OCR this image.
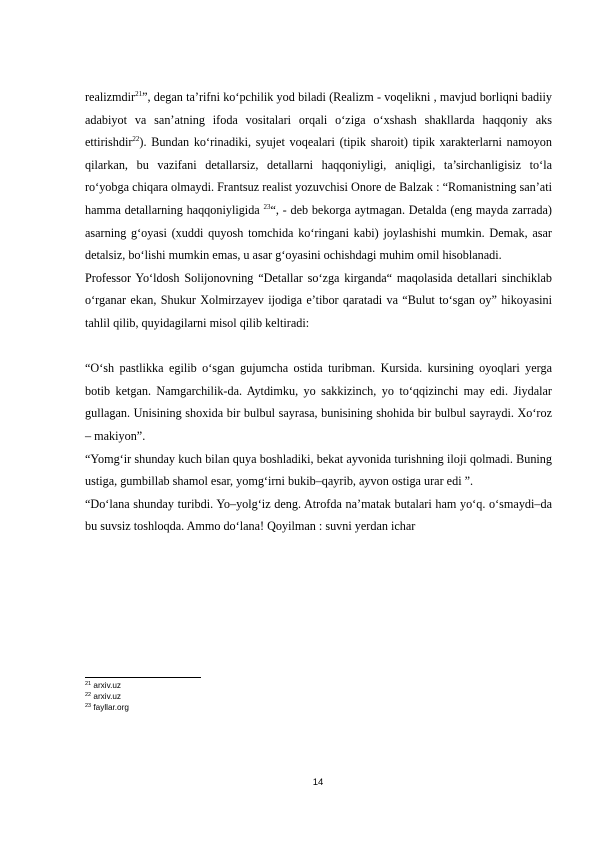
realizmdir$^{21}$”, degan ta’rifni ko‘pchilik yod biladi (Realizm - voqelikni , mavjud borliqni badiiy adabiyot va san’atning ifoda vositalari orqali o‘ziga o‘xshash shakllarda haqqoniy aks ettirishdir$^{22}$). Bundan ko‘rinadiki, syujet voqealari (tipik sharoit) tipik xarakterlarni namoyon qilarkan, bu vazifani detallarsiz, detallarni haqqoniyligi, aniqligi, ta’sirchanligisiz to‘la ro‘yobga chiqara olmaydi. Frantsuz realist yozuvchisi Onore de Balzak : “Romanistning san’ati hamma detallarning haqqoniyligida $^{23}$“, - deb bekorga aytmagan. Detalda (eng mayda zarrada) asarning g‘oyasi (xuddi quyosh tomchida ko‘ringani kabi) joylashishi mumkin. Demak, asar detalsiz, bo‘lishi mumkin emas, u asar g‘oyasini ochishdagi muhim omil hisoblanadi.

Professor Yo‘ldosh Solijonovning “Detallar so‘zga kirganda“ maqolasida detallari sinchiklab o‘rganar ekan, Shukur Xolmirzayev ijodiga e’tibor qaratadi va “Bulut to‘sgan oy” hikoyasini tahlil qilib, quyidagilarni misol qilib keltiradi:

“O‘sh pastlikka egilib o‘sgan gujumcha ostida turibman. Kursida. kursining oyoqlari yerga botib ketgan. Namgarchilik-da. Aytdimku, yo sakkizinch, yo to‘qqizinchi may edi. Jiydalar gullagan. Unisining shoxida bir bulbul sayrasa, bunisining shohida bir bulbul sayraydi. Xo‘roz – makiyon”.

“Yomg‘ir shunday kuch bilan quya boshladiki, bekat ayvonida turishning iloji qolmadi. Buning ustiga, gumbillab shamol esar, yomg‘irni bukib–qayrib, ayvon ostiga urar edi ”.

“Do‘lana shunday turibdi. Yo–yolg‘iz deng. Atrofda na’matak butalari ham yo‘q. o‘smaydi–da bu suvsiz toshloqda. Ammo do‘lana! Qoyilman : suvni yerdan ichar

$^{21}$ arxiv.uz
$^{22}$ arxiv.uz
$^{23}$ fayllar.org
14
